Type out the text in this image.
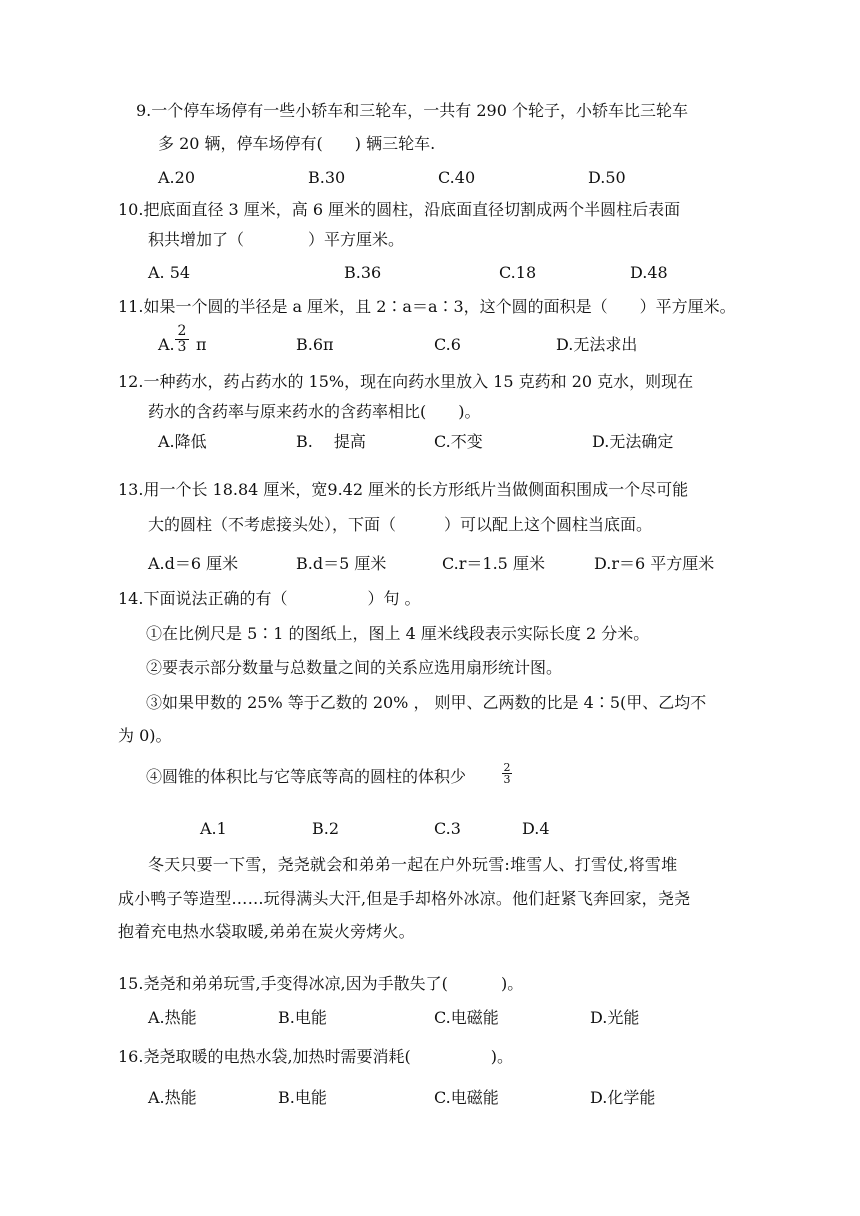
9.一个停车场停有一些小轿车和三轮车，一共有 290 个轮子，小轿车比三轮车
多 20 辆，停车场停有(　　) 辆三轮车.
A.20	B.30	C.40	D.50
10.把底面直径 3 厘米，高 6 厘米的圆柱，沿底面直径切割成两个半圆柱后表面
积共增加了（　　　　）平方厘米。
A. 54	B.36	C.18	D.48
11.如果一个圆的半径是 a 厘米，且 2∶a＝a∶3，这个圆的面积是（　　）平方厘米。
A. $\frac{2}{3}$ π	B.6π	C.6	D.无法求出
12.一种药水，药占药水的 15%，现在向药水里放入 15 克药和 20 克水，则现在
药水的含药率与原来药水的含药率相比(　　)。
A.降低	B.　 提高	C.不变	D.无法确定
13.用一个长 18.84 厘米，宽9.42 厘米的长方形纸片当做侧面积围成一个尽可能
大的圆柱（不考虑接头处），下面（　　　）可以配上这个圆柱当底面。
A.d＝6 厘米	B.d＝5 厘米	C.r＝1.5 厘米	D.r＝6 平方厘米
14.下面说法正确的有（　　　　　）句 。
①在比例尺是 5∶1 的图纸上，图上 4 厘米线段表示实际长度 2 分米。
②要表示部分数量与总数量之间的关系应选用扇形统计图。
③如果甲数的 25% 等于乙数的 20% ， 则甲、乙两数的比是 4∶5(甲、乙均不
为 0)。
④圆锥的体积比与它等底等高的圆柱的体积少	$\frac{2}{3}$
A.1	B.2	C.3	D.4
冬天只要一下雪，尧尧就会和弟弟一起在户外玩雪:堆雪人、打雪仗,将雪堆
成小鸭子等造型……玩得满头大汗,但是手却格外冰凉。他们赶紧飞奔回家，尧尧
抱着充电热水袋取暖,弟弟在炭火旁烤火。
15.尧尧和弟弟玩雪,手变得冰凉,因为手散失了(　　　 )。
A.热能	B.电能	C.电磁能	D.光能
16.尧尧取暖的电热水袋,加热时需要消耗(　　　　　)。
A.热能	B.电能	C.电磁能	D.化学能
